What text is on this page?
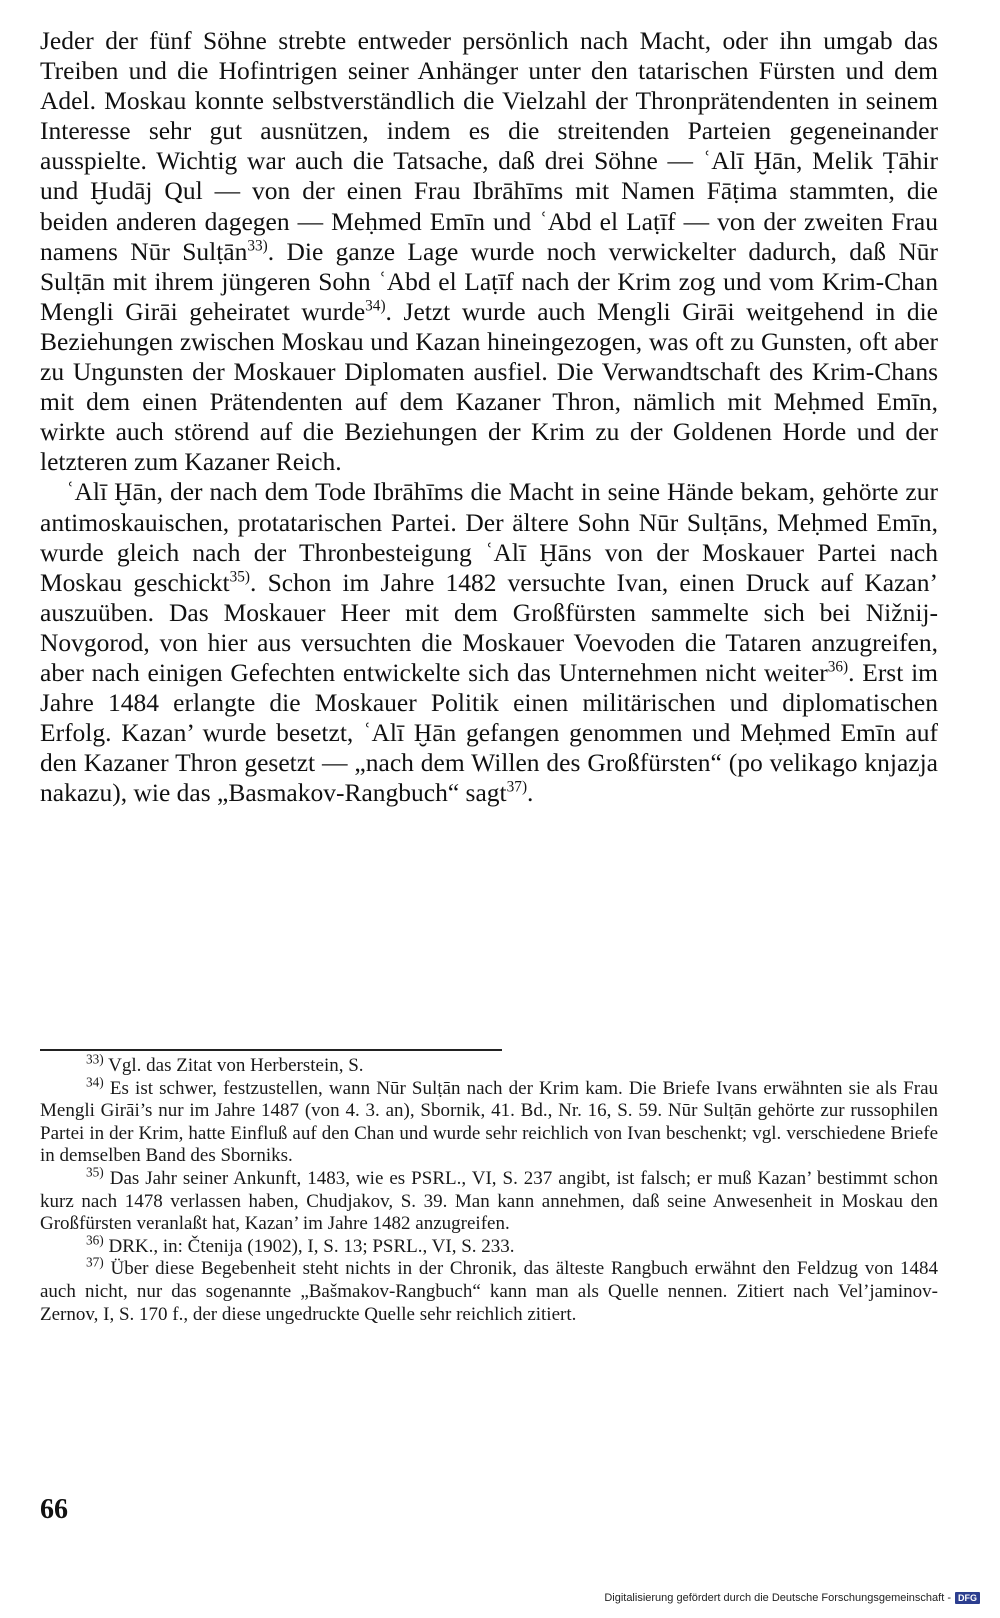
Jeder der fünf Söhne strebte entweder persönlich nach Macht, oder ihn umgab das Treiben und die Hofintrigen seiner Anhänger unter den tatarischen Fürsten und dem Adel. Moskau konnte selbstverständlich die Vielzahl der Thronprätendenten in seinem Interesse sehr gut ausnützen, indem es die streitenden Parteien gegeneinander ausspielte. Wichtig war auch die Tatsache, daß drei Söhne — ʿAlī Ḫān, Melik Ṭāhir und Ḫudāj Qul — von der einen Frau Ibrāhīms mit Namen Fāṭima stammten, die beiden anderen dagegen — Meḥmed Emīn und ʿAbd el Laṭīf — von der zweiten Frau namens Nūr Sulṭān$^{33)}$. Die ganze Lage wurde noch verwickelter dadurch, daß Nūr Sulṭān mit ihrem jüngeren Sohn ʿAbd el Laṭīf nach der Krim zog und vom Krim-Chan Mengli Girāi geheiratet wurde$^{34)}$. Jetzt wurde auch Mengli Girāi weitgehend in die Beziehungen zwischen Moskau und Kazan hineingezogen, was oft zu Gunsten, oft aber zu Ungunsten der Moskauer Diplomaten ausfiel. Die Verwandtschaft des Krim-Chans mit dem einen Prätendenten auf dem Kazaner Thron, nämlich mit Meḥmed Emīn, wirkte auch störend auf die Beziehungen der Krim zu der Goldenen Horde und der letzteren zum Kazaner Reich.

ʿAlī Ḫān, der nach dem Tode Ibrāhīms die Macht in seine Hände bekam, gehörte zur antimoskauischen, protatarischen Partei. Der ältere Sohn Nūr Sulṭāns, Meḥmed Emīn, wurde gleich nach der Thronbesteigung ʿAlī Ḫāns von der Moskauer Partei nach Moskau geschickt$^{35)}$. Schon im Jahre 1482 versuchte Ivan, einen Druck auf Kazan’ auszuüben. Das Moskauer Heer mit dem Großfürsten sammelte sich bei Nižnij-Novgorod, von hier aus versuchten die Moskauer Voevoden die Tataren anzugreifen, aber nach einigen Gefechten entwickelte sich das Unternehmen nicht weiter$^{36)}$. Erst im Jahre 1484 erlangte die Moskauer Politik einen militärischen und diplomatischen Erfolg. Kazan’ wurde besetzt, ʿAlī Ḫān gefangen genommen und Meḥmed Emīn auf den Kazaner Thron gesetzt — „nach dem Willen des Großfürsten“ (po velikago knjazja nakazu), wie das „Basmakov-Rangbuch“ sagt$^{37)}$.

$^{33)}$ Vgl. das Zitat von Herberstein, S.

$^{34)}$ Es ist schwer, festzustellen, wann Nūr Sulṭān nach der Krim kam. Die Briefe Ivans erwähnten sie als Frau Mengli Girāi’s nur im Jahre 1487 (von 4. 3. an), Sbornik, 41. Bd., Nr. 16, S. 59. Nūr Sulṭān gehörte zur russophilen Partei in der Krim, hatte Einfluß auf den Chan und wurde sehr reichlich von Ivan beschenkt; vgl. verschiedene Briefe in demselben Band des Sborniks.

$^{35)}$ Das Jahr seiner Ankunft, 1483, wie es PSRL., VI, S. 237 angibt, ist falsch; er muß Kazan’ bestimmt schon kurz nach 1478 verlassen haben, Chudjakov, S. 39. Man kann annehmen, daß seine Anwesenheit in Moskau den Großfürsten veranlaßt hat, Kazan’ im Jahre 1482 anzugreifen.

$^{36)}$ DRK., in: Čtenija (1902), I, S. 13; PSRL., VI, S. 233.

$^{37)}$ Über diese Begebenheit steht nichts in der Chronik, das älteste Rangbuch erwähnt den Feldzug von 1484 auch nicht, nur das sogenannte „Bašmakov-Rangbuch“ kann man als Quelle nennen. Zitiert nach Vel’jaminov-Zernov, I, S. 170 f., der diese ungedruckte Quelle sehr reichlich zitiert.

66
Digitalisierung gefördert durch die Deutsche Forschungsgemeinschaft - DFG
